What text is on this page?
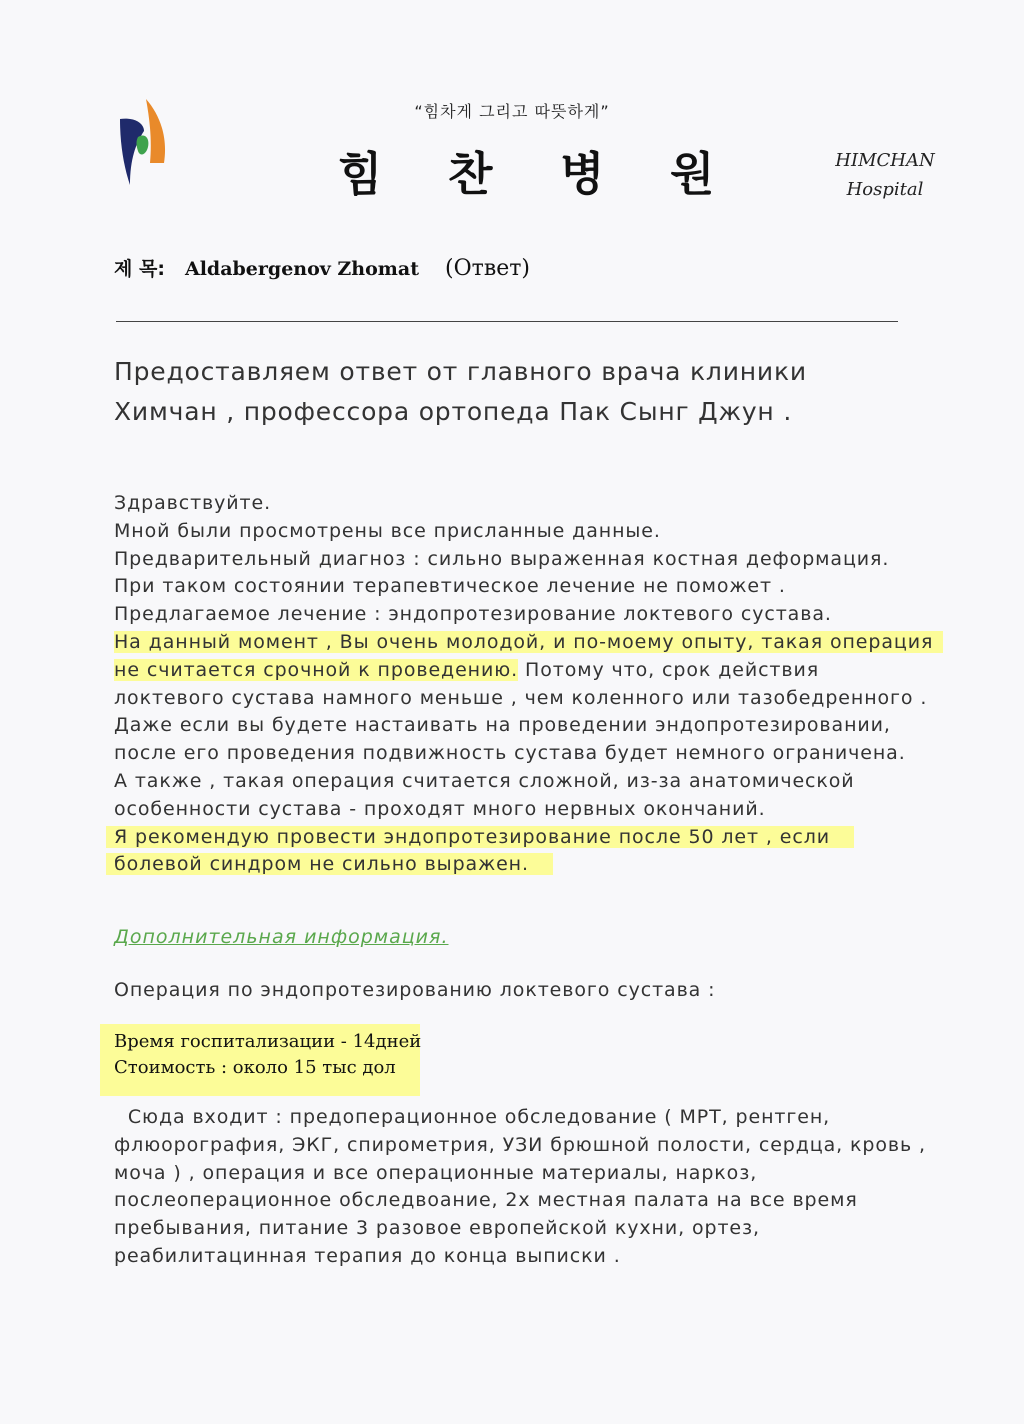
“힘차게 그리고 따뜻하게”
힘 찬 병 원	HIMCHAN
Hospital
제 목: Aldabergenov Zhomat (Ответ)
Предоставляем ответ от главного врача клиники
Химчан , профессора ортопеда Пак Сынг Джун .

Здравствуйте.

Мной были просмотрены все присланные данные.

Предварительный диагноз : сильно выраженная костная деформация.

При таком состоянии терапевтическое лечение не поможет .

Предлагаемое лечение : эндопротезирование локтевого сустава.

На данный момент , Вы очень молодой, и по-моему опыту, такая операция

не считается срочной к проведению. Потому что, срок действия

локтевого сустава намного меньше , чем коленного или тазобедренного .

Даже если вы будете настаивать на проведении эндопротезировании,

после его проведения подвижность сустава будет немного ограничена.

А также , такая операция считается сложной, из-за анатомической

особенности сустава - проходят много нервных окончаний.

Я рекомендую провести эндопротезирование после 50 лет , если

болевой синдром не сильно выражен.

Дополнительная информация.
Операция по эндопротезированию локтевого сустава :
Время госпитализации - 14дней
Стоимость : около 15 тыс дол

Сюда входит : предоперационное обследование ( МРТ, рентген,

флюорография, ЭКГ, спирометрия, УЗИ брюшной полости, сердца, кровь ,

моча ) , операция и все операционные материалы, наркоз,

послеоперационное обследвоание, 2х местная палата на все время

пребывания, питание 3 разовое европейской кухни, ортез,

реабилитацинная терапия до конца выписки .
